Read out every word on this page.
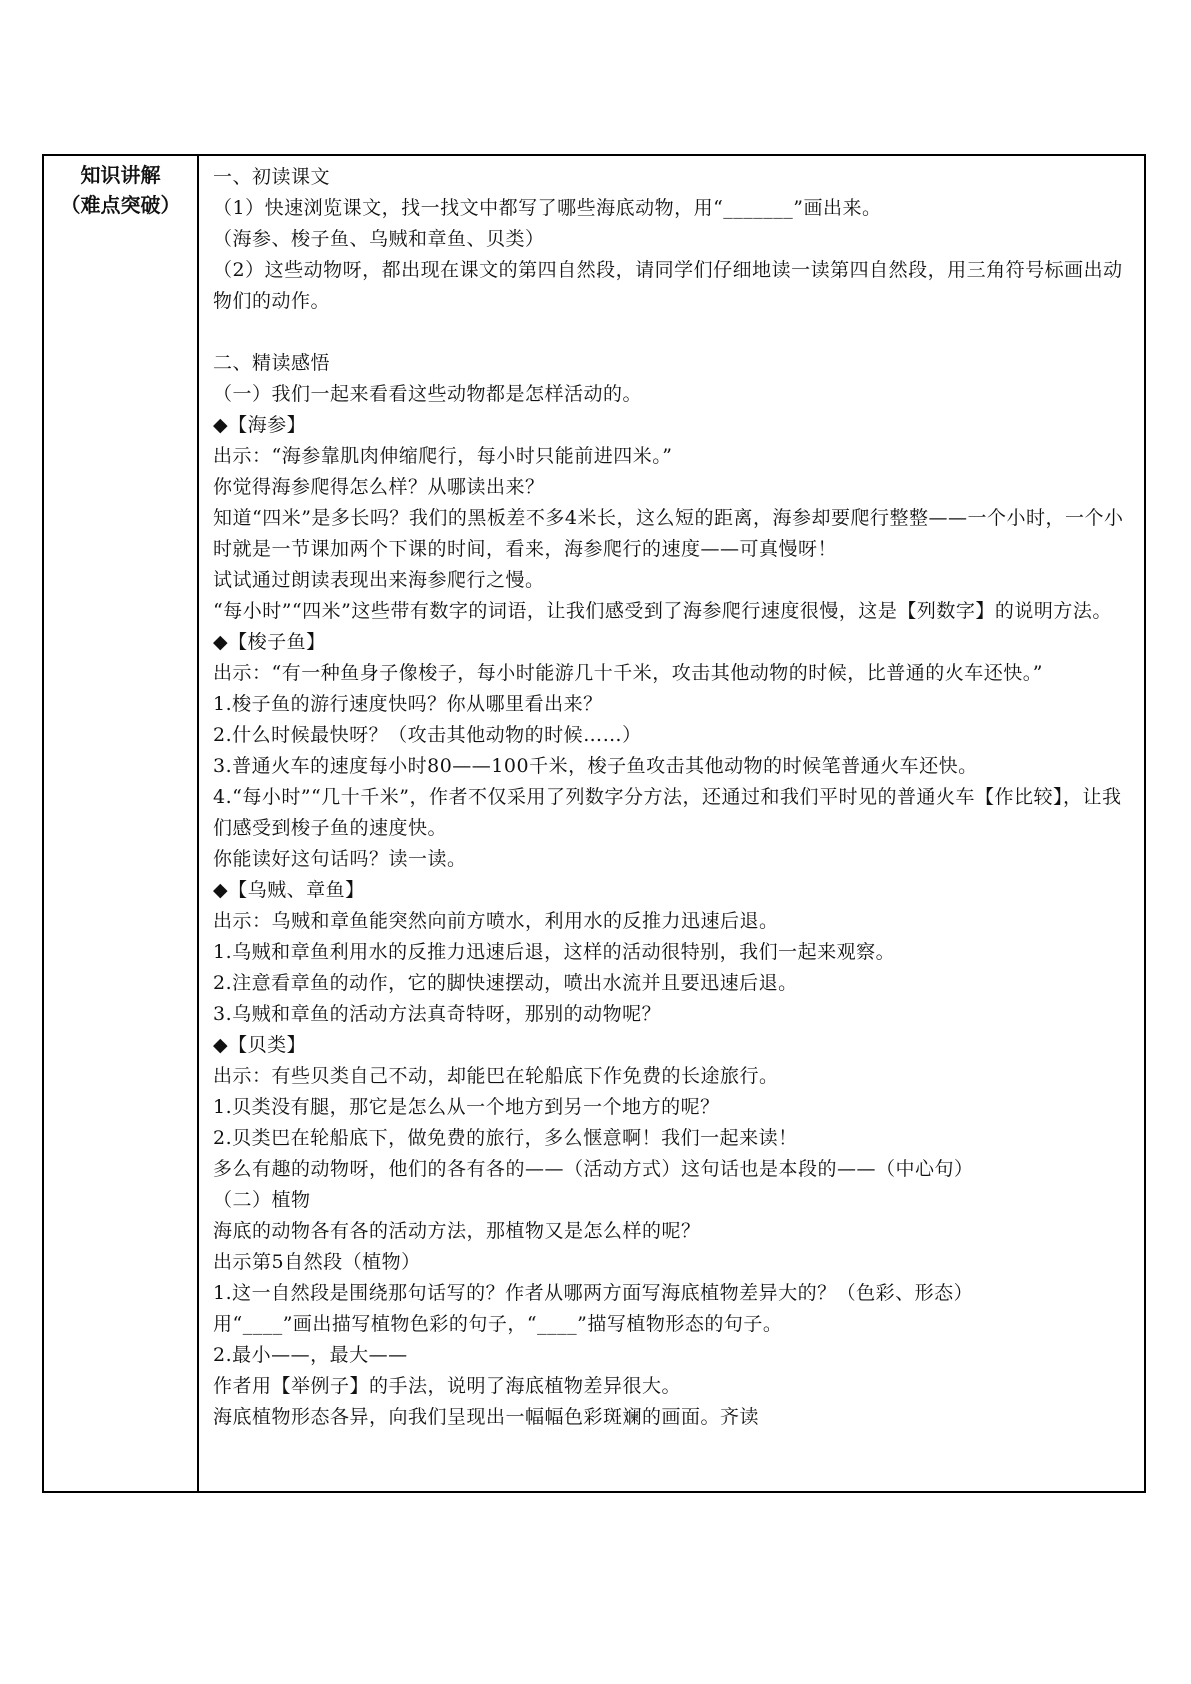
知识讲解
（难点突破）

一、初读课文

（1）快速浏览课文，找一找文中都写了哪些海底动物，用“_______”画出来。

（海参、梭子鱼、乌贼和章鱼、贝类）

（2）这些动物呀，都出现在课文的第四自然段，请同学们仔细地读一读第四自然段，用三角符号标画出动物们的动作。

二、精读感悟

（一）我们一起来看看这些动物都是怎样活动的。

◆【海参】

出示：“海参靠肌肉伸缩爬行，每小时只能前进四米。”

你觉得海参爬得怎么样？从哪读出来？

知道“四米”是多长吗？我们的黑板差不多4米长，这么短的距离，海参却要爬行整整——一个小时，一个小时就是一节课加两个下课的时间，看来，海参爬行的速度——可真慢呀！

试试通过朗读表现出来海参爬行之慢。

“每小时”“四米”这些带有数字的词语，让我们感受到了海参爬行速度很慢，这是【列数字】的说明方法。

◆【梭子鱼】

出示：“有一种鱼身子像梭子，每小时能游几十千米，攻击其他动物的时候，比普通的火车还快。”

1.梭子鱼的游行速度快吗？你从哪里看出来？

2.什么时候最快呀？（攻击其他动物的时候……）

3.普通火车的速度每小时80——100千米，梭子鱼攻击其他动物的时候笔普通火车还快。

4.“每小时”“几十千米”，作者不仅采用了列数字分方法，还通过和我们平时见的普通火车【作比较】，让我们感受到梭子鱼的速度快。

你能读好这句话吗？读一读。

◆【乌贼、章鱼】

出示：乌贼和章鱼能突然向前方喷水，利用水的反推力迅速后退。

1.乌贼和章鱼利用水的反推力迅速后退，这样的活动很特别，我们一起来观察。

2.注意看章鱼的动作，它的脚快速摆动，喷出水流并且要迅速后退。

3.乌贼和章鱼的活动方法真奇特呀，那别的动物呢？

◆【贝类】

出示：有些贝类自己不动，却能巴在轮船底下作免费的长途旅行。

1.贝类没有腿，那它是怎么从一个地方到另一个地方的呢？

2.贝类巴在轮船底下，做免费的旅行，多么惬意啊！我们一起来读！

多么有趣的动物呀，他们的各有各的——（活动方式）这句话也是本段的——（中心句）

（二）植物

海底的动物各有各的活动方法，那植物又是怎么样的呢？

出示第5自然段（植物）

1.这一自然段是围绕那句话写的？作者从哪两方面写海底植物差异大的？（色彩、形态）

用“____”画出描写植物色彩的句子，“____”描写植物形态的句子。

2.最小——，最大——

作者用【举例子】的手法，说明了海底植物差异很大。

海底植物形态各异，向我们呈现出一幅幅色彩斑斓的画面。齐读
